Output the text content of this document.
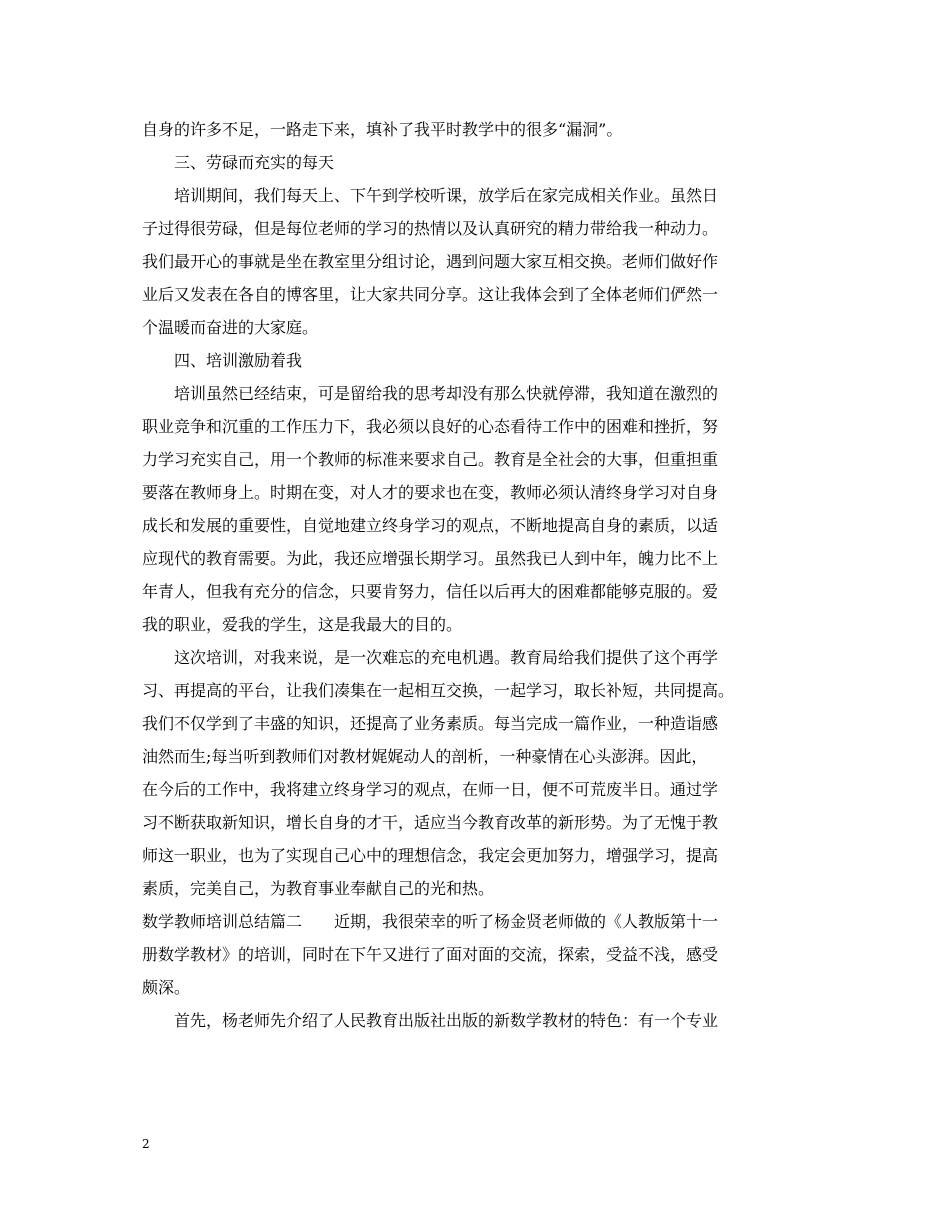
自身的许多不足，一路走下来，填补了我平时教学中的很多“漏洞”。
三、劳碌而充实的每天
培训期间，我们每天上、下午到学校听课，放学后在家完成相关作业。虽然日
子过得很劳碌，但是每位老师的学习的热情以及认真研究的精力带给我一种动力。
我们最开心的事就是坐在教室里分组讨论，遇到问题大家互相交换。老师们做好作
业后又发表在各自的博客里，让大家共同分享。这让我体会到了全体老师们俨然一
个温暖而奋进的大家庭。
四、培训激励着我
培训虽然已经结束，可是留给我的思考却没有那么快就停滞，我知道在激烈的
职业竞争和沉重的工作压力下，我必须以良好的心态看待工作中的困难和挫折，努
力学习充实自己，用一个教师的标准来要求自己。教育是全社会的大事，但重担重
要落在教师身上。时期在变，对人才的要求也在变，教师必须认清终身学习对自身
成长和发展的重要性，自觉地建立终身学习的观点，不断地提高自身的素质，以适
应现代的教育需要。为此，我还应增强长期学习。虽然我已人到中年，魄力比不上
年青人，但我有充分的信念，只要肯努力，信任以后再大的困难都能够克服的。爱
我的职业，爱我的学生，这是我最大的目的。
这次培训，对我来说，是一次难忘的充电机遇。教育局给我们提供了这个再学
习、再提高的平台，让我们凑集在一起相互交换，一起学习，取长补短，共同提高。
我们不仅学到了丰盛的知识，还提高了业务素质。每当完成一篇作业，一种造诣感
油然而生;每当听到教师们对教材娓娓动人的剖析，一种豪情在心头澎湃。因此，
在今后的工作中，我将建立终身学习的观点，在师一日，便不可荒废半日。通过学
习不断获取新知识，增长自身的才干，适应当今教育改革的新形势。为了无愧于教
师这一职业，也为了实现自己心中的理想信念，我定会更加努力，增强学习，提高
素质，完美自己，为教育事业奉献自己的光和热。
数学教师培训总结篇二　　近期，我很荣幸的听了杨金贤老师做的《人教版第十一
册数学教材》的培训，同时在下午又进行了面对面的交流，探索，受益不浅，感受
颇深。
首先，杨老师先介绍了人民教育出版社出版的新数学教材的特色：有一个专业
2
